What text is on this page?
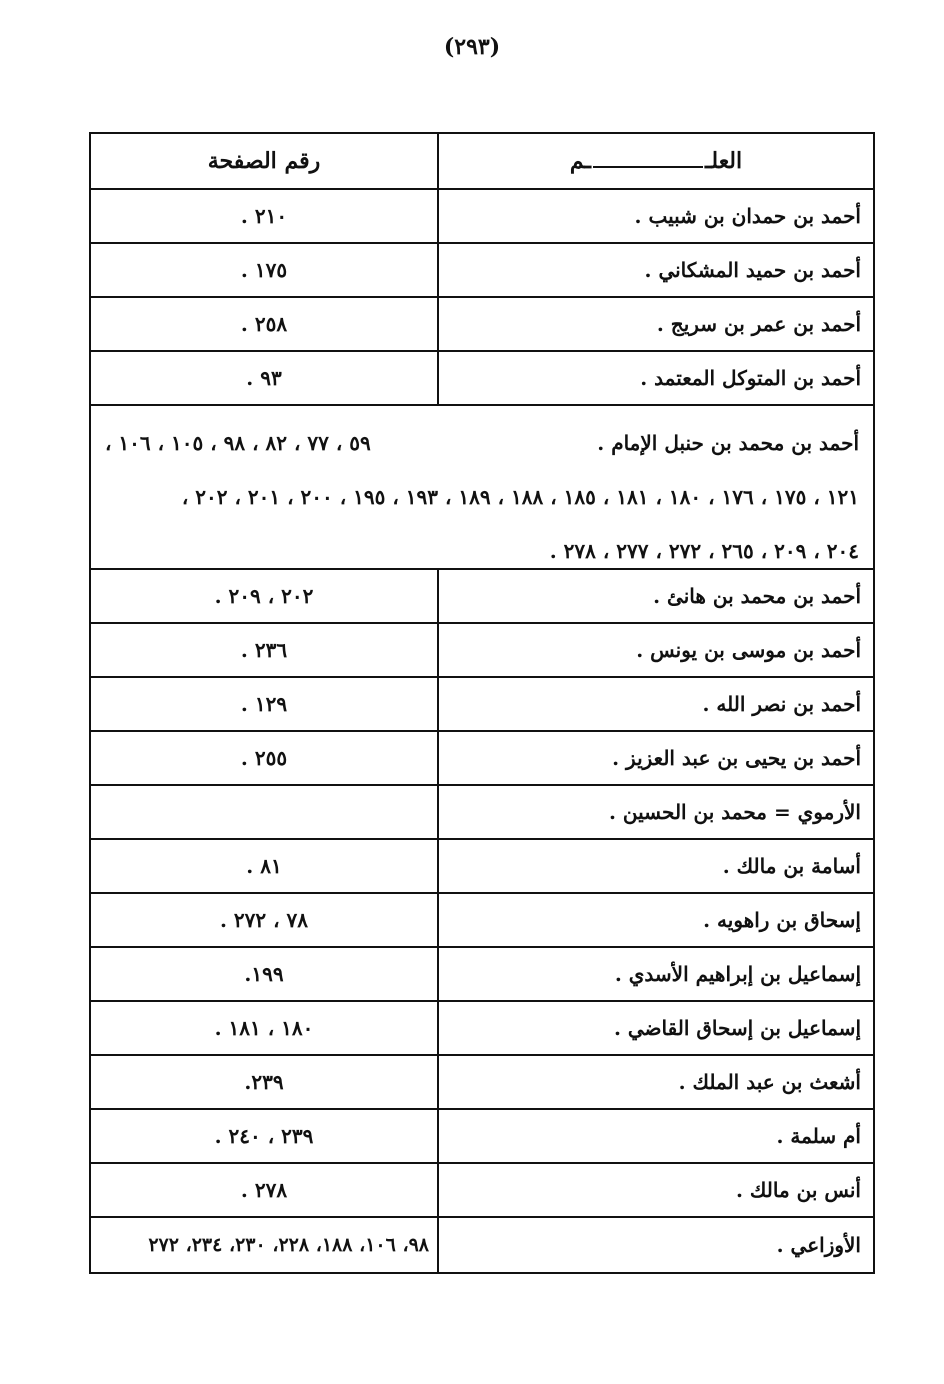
(٢٩٣)
العلـ
ـم
رقم الصفحة
أحمد بن حمدان بن شبيب .
٢١٠ .
أحمد بن حميد المشكاني .
١٧٥ .
أحمد بن عمر بن سريج .
٢٥٨ .
أحمد بن المتوكل المعتمد .
٩٣ .
أحمد بن محمد بن حنبل الإمام .
٥٩ ، ٧٧ ، ٨٢ ، ٩٨ ، ١٠٥ ، ١٠٦ ،
١٢١ ، ١٧٥ ، ١٧٦ ، ١٨٠ ، ١٨١ ، ١٨٥ ، ١٨٨ ، ١٨٩ ، ١٩٣ ، ١٩٥ ، ٢٠٠ ، ٢٠١ ، ٢٠٢ ،
٢٠٤ ، ٢٠٩ ، ٢٦٥ ، ٢٧٢ ، ٢٧٧ ، ٢٧٨ .
أحمد بن محمد بن هانئ .
٢٠٢ ، ٢٠٩ .
أحمد بن موسى بن يونس .
٢٣٦ .
أحمد بن نصر الله .
١٢٩ .
أحمد بن يحيى بن عبد العزيز .
٢٥٥ .
الأرموي = محمد بن الحسين .
أسامة بن مالك .
٨١ .
إسحاق بن راهويه .
٧٨ ، ٢٧٢ .
إسماعيل بن إبراهيم الأسدي .
١٩٩.
إسماعيل بن إسحاق القاضي .
١٨٠ ، ١٨١ .
أشعث بن عبد الملك .
٢٣٩.
أم سلمة .
٢٣٩ ، ٢٤٠ .
أنس بن مالك .
٢٧٨ .
الأوزاعي .
٩٨، ١٠٦، ١٨٨، ٢٢٨، ٢٣٠، ٢٣٤، ٢٧٢
